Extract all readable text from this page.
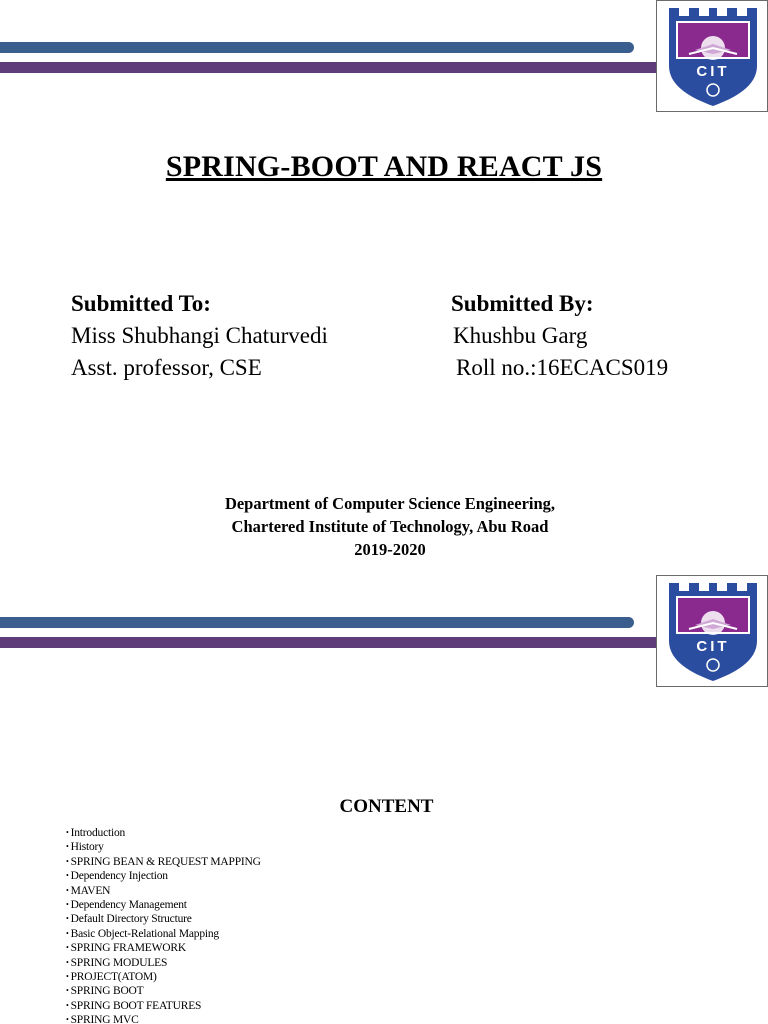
CIT
SPRING-BOOT AND REACT JS
Submitted To:
Miss Shubhangi Chaturvedi
Asst. professor, CSE
Submitted By:
Khushbu Garg
Roll no.:16ECACS019
Department of Computer Science Engineering,
Chartered Institute of Technology, Abu Road
2019-2020
CIT
CONTENT
• Introduction
• History
• SPRING BEAN & REQUEST MAPPING
• Dependency Injection
• MAVEN
• Dependency Management
• Default Directory Structure
• Basic Object-Relational Mapping
• SPRING FRAMEWORK
• SPRING MODULES
• PROJECT(ATOM)
• SPRING BOOT
• SPRING BOOT FEATURES
• SPRING MVC
